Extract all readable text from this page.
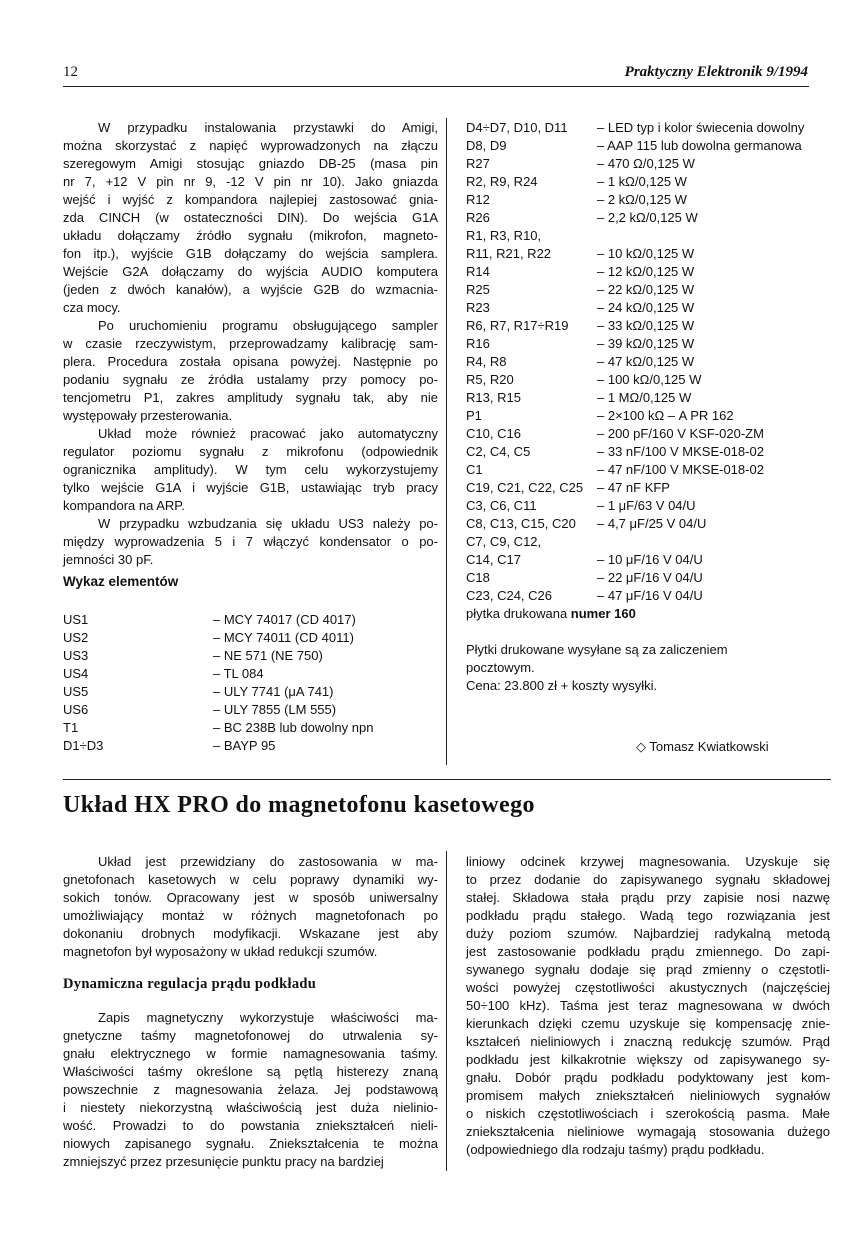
12	Praktyczny Elektronik 9/1994
W przypadku instalowania przystawki do Amigi,
można skorzystać z napięć wyprowadzonych na złączu
szeregowym Amigi stosując gniazdo DB-25 (masa pin
nr 7, +12 V pin nr 9, -12 V pin nr 10). Jako gniazda
wejść i wyjść z kompandora najlepiej zastosować gnia-
zda CINCH (w ostateczności DIN). Do wejścia G1A
układu dołączamy źródło sygnału (mikrofon, magneto-
fon itp.), wyjście G1B dołączamy do wejścia samplera.
Wejście G2A dołączamy do wyjścia AUDIO komputera
(jeden z dwóch kanałów), a wyjście G2B do wzmacnia-
cza mocy.
Po uruchomieniu programu obsługującego sampler
w czasie rzeczywistym, przeprowadzamy kalibrację sam-
plera. Procedura została opisana powyżej. Następnie po
podaniu sygnału ze źródła ustalamy przy pomocy po-
tencjometru P1, zakres amplitudy sygnału tak, aby nie
występowały przesterowania.
Układ może również pracować jako automatyczny
regulator poziomu sygnału z mikrofonu (odpowiednik
ogranicznika amplitudy). W tym celu wykorzystujemy
tylko wejście G1A i wyjście G1B, ustawiając tryb pracy
kompandora na ARP.
W przypadku wzbudzania się układu US3 należy po-
między wyprowadzenia 5 i 7 włączyć kondensator o po-
jemności 30 pF.
Wykaz elementów
US1	– MCY 74017 (CD 4017)
US2	– MCY 74011 (CD 4011)
US3	– NE 571 (NE 750)
US4	– TL 084
US5	– ULY 7741 (μA 741)
US6	– ULY 7855 (LM 555)
T1	– BC 238B lub dowolny npn
D1÷D3	– BAYP 95
D4÷D7, D10, D11 – LED typ i kolor świecenia dowolny
D8, D9	– AAP 115 lub dowolna germanowa
R27	– 470 Ω/0,125 W
R2, R9, R24	– 1 kΩ/0,125 W
R12	– 2 kΩ/0,125 W
R26	– 2,2 kΩ/0,125 W
R1, R3, R10,
R11, R21, R22	– 10 kΩ/0,125 W
R14	– 12 kΩ/0,125 W
R25	– 22 kΩ/0,125 W
R23	– 24 kΩ/0,125 W
R6, R7, R17÷R19 – 33 kΩ/0,125 W
R16	– 39 kΩ/0,125 W
R4, R8	– 47 kΩ/0,125 W
R5, R20	– 100 kΩ/0,125 W
R13, R15	– 1 MΩ/0,125 W
P1	– 2×100 kΩ – A PR 162
C10, C16	– 200 pF/160 V KSF-020-ZM
C2, C4, C5	– 33 nF/100 V MKSE-018-02
C1	– 47 nF/100 V MKSE-018-02
C19, C21, C22, C25 – 47 nF KFP
C3, C6, C11	– 1 μF/63 V 04/U
C8, C13, C15, C20 – 4,7 μF/25 V 04/U
C7, C9, C12,
C14, C17	– 10 μF/16 V 04/U
C18	– 22 μF/16 V 04/U
C23, C24, C26	– 47 μF/16 V 04/U
płytka drukowana numer 160
Płytki drukowane wysyłane są za zaliczeniem
pocztowym.
Cena: 23.800 zł + koszty wysyłki.
◇ Tomasz Kwiatkowski
Układ HX PRO do magnetofonu kasetowego
Układ jest przewidziany do zastosowania w ma-
gnetofonach kasetowych w celu poprawy dynamiki wy-
sokich tonów. Opracowany jest w sposób uniwersalny
umożliwiający montaż w różnych magnetofonach po
dokonaniu drobnych modyfikacji. Wskazane jest aby
magnetofon był wyposażony w układ redukcji szumów.
Dynamiczna regulacja prądu podkładu
Zapis magnetyczny wykorzystuje właściwości ma-
gnetyczne taśmy magnetofonowej do utrwalenia sy-
gnału elektrycznego w formie namagnesowania taśmy.
Właściwości taśmy określone są pętlą histerezy znaną
powszechnie z magnesowania żelaza. Jej podstawową
i niestety niekorzystną właściwością jest duża nielinio-
wość. Prowadzi to do powstania zniekształceń nieli-
niowych zapisanego sygnału. Zniekształcenia te można
zmniejszyć przez przesunięcie punktu pracy na bardziej
liniowy odcinek krzywej magnesowania. Uzyskuje się
to przez dodanie do zapisywanego sygnału składowej
stałej. Składowa stała prądu przy zapisie nosi nazwę
podkładu prądu stałego. Wadą tego rozwiązania jest
duży poziom szumów. Najbardziej radykalną metodą
jest zastosowanie podkładu prądu zmiennego. Do zapi-
sywanego sygnału dodaje się prąd zmienny o częstotli-
wości powyżej częstotliwości akustycznych (najczęściej
50÷100 kHz). Taśma jest teraz magnesowana w dwóch
kierunkach dzięki czemu uzyskuje się kompensację znie-
kształceń nieliniowych i znaczną redukcję szumów. Prąd
podkładu jest kilkakrotnie większy od zapisywanego sy-
gnału. Dobór prądu podkładu podyktowany jest kom-
promisem małych zniekształceń nieliniowych sygnałów
o niskich częstotliwościach i szerokością pasma. Małe
zniekształcenia nieliniowe wymagają stosowania dużego
(odpowiedniego dla rodzaju taśmy) prądu podkładu.
